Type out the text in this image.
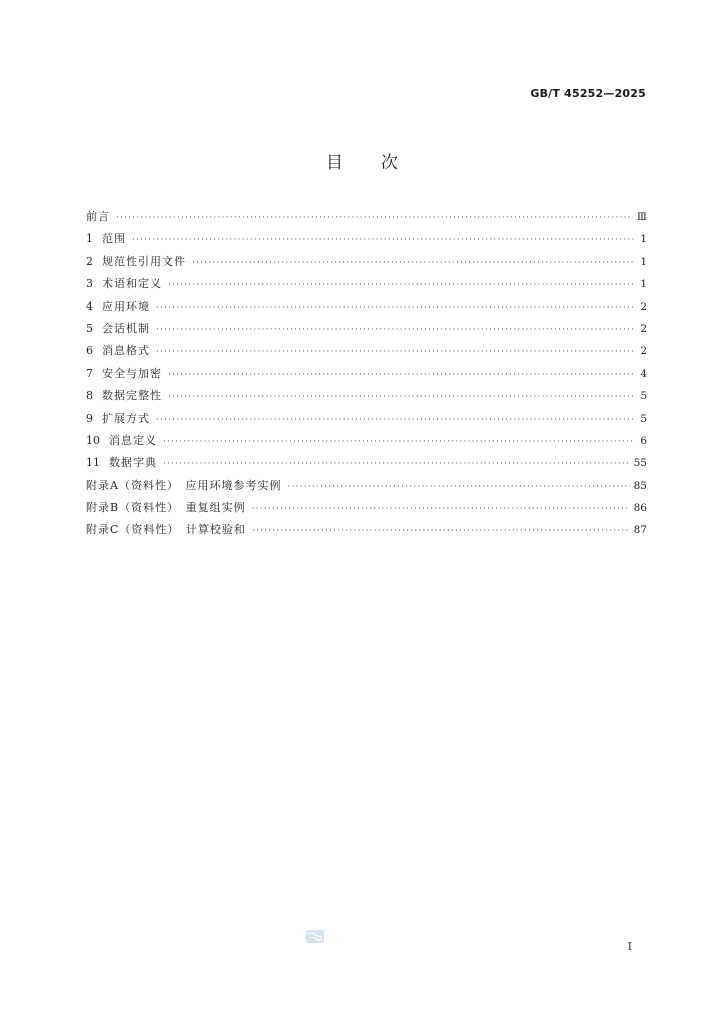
GB/T 45252—2025
目 次
前言 ·····	Ⅲ
1 范围 ·····	1
2 规范性引用文件 ·····	1
3 术语和定义 ·····	1
4 应用环境 ·····	2
5 会话机制 ·····	2
6 消息格式 ·····	2
7 安全与加密 ·····	4
8 数据完整性 ·····	5
9 扩展方式 ·····	5
10 消息定义 ·····	6
11 数据字典 ·····	55
附录A（资料性）　应用环境参考实例 ·····	85
附录B（资料性）　重复组实例 ·····	86
附录C（资料性）　计算校验和 ·····	87
I
